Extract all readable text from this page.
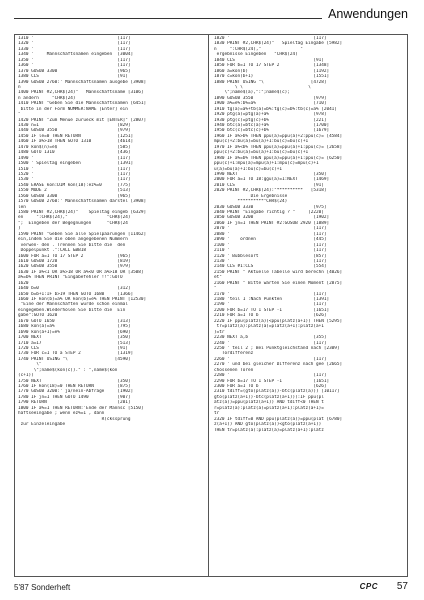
Anwendungen
1310 '                                [117]
1320 '                                [117]
1330 '                                [117]
1340 '     Mannschaftsnamen eingeben  [3004]
1350 '                                [117]
1360 '                                [117]
1370 GOSUB 3300                       [965]
1380 CLS                              [91]
1390 GOSUB 2760:' Mannschaftsnamen ausgebe [3908]
n
1400 PRINT #2,CHR$(24)"   Mannschaftsname [3106]
n ändern     "CHR$(24)
1410 PRINT "Geben Sie die Mannschaftsnamen [6451]
bitte in der Form NUMMER:NAME [Enter] ein
"
1420 PRINT "Zum Menue zurueck mit [ENTER]" [2807]
1430 n=1                              [829]
1440 GOSUB 3550                       [979]
1450 IF le=0 THEN RETURN              [1251]
1460 IF a%>18 THEN GOTO 1310          [4614]
1470 kon$(n)=e$                       [585]
1480 GOTO 1310                        [436]
1490 '                                [117]
1500 ' Spieltag eingeben              [1391]
1510 '                                [117]
1520 '                                [117]
1530 '                                [117]
1540 ERASE kon:DIM kon(18):ez%=0      [775]
1550 MODE 2                           [513]
1560 GOSUB 3300                       [965]
1570 GOSUB 2760:' Mannschaftsnamen darstel [3908]
len
1580 PRINT #2,CHR$(24)"    Spieltag eingeb [6329]
en     ":CHR$(24),"               "CHR$(24)
";  Eingeben der Begegnungen      "CHR$(24
)
1590 PRINT "Geben Sie alle Spielpaarungen [11462]
ein,indem Sie die oben angegebenen Nummern
verwen- den . Trennen Sie bitte die  den
Doppelpunkt .":CALL &BB18
1600 FOR a=1 TO 17 STEP 2             [965]
1610 GOSUB 1720                       [819]
1620 GOSUB 3550                       [979]
1630 IF a%<1 OR a%>18 OR a%<0 OR a%>18 OR [3508]
a%=b% THEN PRINT "Eingabefehler !!":GOTO
1620
1640 b=0                              [312]
1650 b=b+1:IF b>19 THEN GOTO 1680     [1366]
1660 IF kon(b)=a% OR kon(b)=e% THEN PRINT [12530]
"Eine der Mannschaften wurde schon einmal
eingegeben.Wiederholen Sie bitte die  Ein
gabe":GOTO 1620
1670 GOTO 1650                        [313]
1680 kon(a)=a%                        [795]
1690 kon(a+1)=e%                      [690]
1700 NEXT                             [350]
1710 a=17                             [513]
1720 CLS                              [91]
1730 FOR c=1 TO a STEP 2              [1319]
1740 PRINT USING "\                  [4590]
\"
\";name$(kon(c))." : ",name$(kon
(c+1))
1750 NEXT                             [350]
1760 IF kon(18)=0 THEN RETURN         [875]
1770 GOSUB 3200:' ja/nein-Abfrage     [1902]
1780 IF jn=1 THEN GOTO 1490           [907]
1790 RETURN                           [201]
1800 IF a%=1 THEN RETURN:'Ende der Mannsc [5150]
haftseeingabe ; wenn ez%=1 , dann
R(ckssprung
zur Einzeleingabe
1820 '                                [117]
1830 PRINT #2,CHR$(24)"   Spieltag Eingabe [5982]
n     ":CHR$(24),"               "
ergebnisse Eingeben   "CHR$(24)
1840 CLS                              [91]
1850 FOR b=1 TO 17 STEP 2             [1348]
1860 a=kon(b)                         [1192]
1870 c=kon(b+1)                       [1551]
1880 PRINT USING "\                  [4728]
\ \                         \
\";name$(a),":";name$(c);
1890 GOSUB 3550                       [979]
1900 a%=e%:b%=a%                      [710]
1910 tg(a)=a%+tb(a)=b%:tg(c)=b%:tb(c)=a% [2041]
1920 ptg(a)=ptg(a)+a%                 [978]
1930 ptg(c)=ptg(c)+b%                 [221]
1940 btc(a)=btc(a)+a%                 [1700]
1950 btc(c)=btc(c)+b%                 [1679]
1960 IF a%>b% THEN ppu(a)=ppu(a)+2:ppu(c)= [4584]
mpu(c)+2:bu(a)=bu(a)+1:bu(c)=bu(c)+1
1970 IF a%<b% THEN ppu(a)=ppu(a)+1:ppu(c)= [2658]
ppu(c)+2:bu(a)=bu(a)+1:bu(c)=bu(c)+1
1980 IF a%=b% THEN ppu(a)=ppu(a)+1:ppu(c)= [6250]
ppu(c)+1:mpu(a)=mpu(a)+1:mpu(c)=mpu(c)+1
u(a)=bu(a)+1:bu(c)=bu(c)+1
1990 NEXT                             [350]
2000 FOR a=1 TO 18:ggu(a)=1:NEXT      [1469]
2010 CLS                              [91]
2020 PRINT #2,CHR$(24):"**********   [5318]
Die Ergebnisse
**********"CHR$(24)
2030 GOSUB 3330                       [975]
2040 PRINT "Eingabe richtig ? "     [2220]
2050 GOSUB 3200                       [1902]
2060 IF jn=1 THEN PRINT #2:GOSUB 2920 [1889]
2070 '                                [117]
2080 '                                [117]
2090 '    ordnen                      [445]
2100 '                                [117]
2110 '                                [117]
2120 ' Bubblesort                     [857]
2130 '                                [117]
2140 CLS #1:CLS                       [554]
2150 PRINT " Aktuelle Tabelle wird berechn [4026]
et"
2160 PRINT " Bitte warten Sie einen Moment [2875]
"
2170 '                                [117]
2180 'teil 1 :Nach Punkten            [1391]
2190 '                                [117]
2200 FOR b=17 TO 1 STEP -1            [1651]
2210 FOR a=1 TO b                     [626]
2220 IF ppu(platz(a))<ppu(platz(a+1)) THEN [5295]
tr=platz(a):platz(a)=platz(a+1):platz(a+1
)=tr
2230 NEXT a,b                         [355]
2240 '                                [117]
2250 ' teil 2 ; Bei Punktgleichstand nach [2309]
Tordifferenz
2260 '                                [117]
2270 ' und bei gleicher Differenz nach gee [2665]
chossenen Toren
2280 '                                [117]
2290 FOR b=17 TO 1 STEP -1            [1651]
2300 FOR a=1 TO b                     [626]
2310 tdiff=(gto(platz(a))-btc(platz(a))) [10117]
gto(platz(a+1))-btc(platz(a+1))):IF ppu(pl
atz(a))=ppu(platz(a+1)) AND tdiff<0 THEN t
r=platz(a):platz(a)=platz(a+1):platz(a+1)=
tr
2320 IF tdiff=0 AND ppu(platz(a))=ppu(plat [6780]
z(a+1)) AND gto(platz(a))<gto(platz(a+1))
THEN tr=platz(a):platz(a)=platz(a+1):platz
5'87 Sonderheft	CPC 57
